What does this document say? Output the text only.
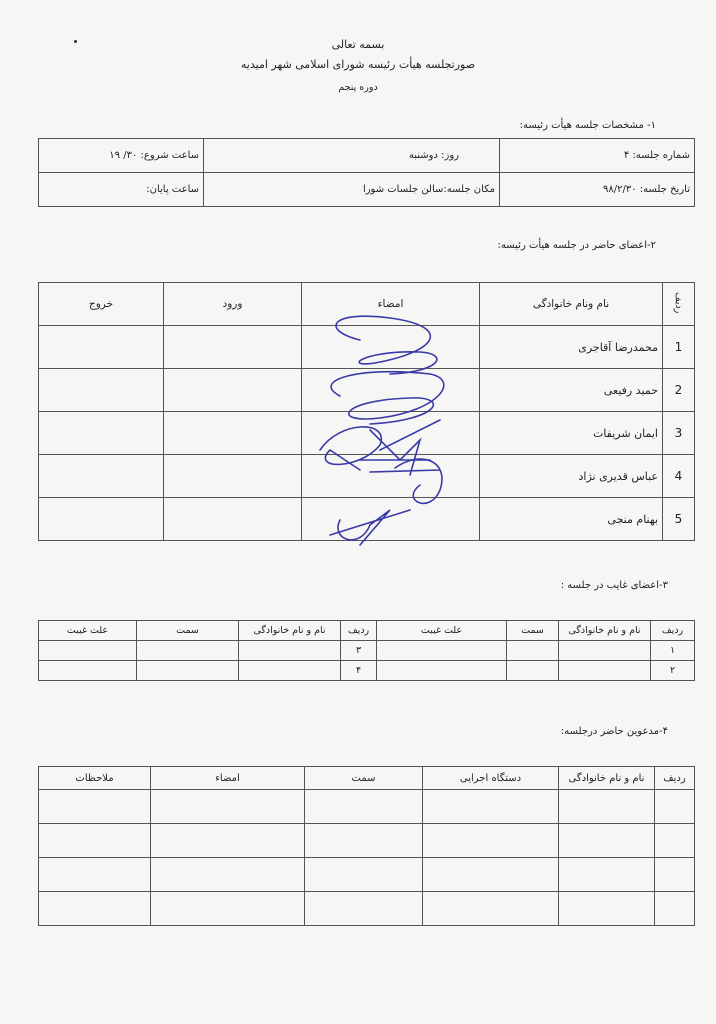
بسمه تعالی
صورتجلسه هیأت رئیسه شورای اسلامی شهر امیدیه
دوره پنجم
۱- مشخصات جلسه هیأت رئیسه:
شماره جلسه: ۴	روز: دوشنبه	ساعت شروع: ۳۰/ ۱۹
تاریخ جلسه: ۹۸/۲/۳۰	مکان جلسه:سالن جلسات شورا	ساعت پایان:
۲-اعضای حاضر در جلسه هیأت رئیسه:
ردیف	نام ونام خانوادگی	امضاء	ورود	خروج
1	محمدرضا آقاجری			
2	حمید رفیعی			
3	ایمان شریفات			
4	عباس قدیری نژاد			
5	بهنام منجی			
۳-اعضای غایب در جلسه :
ردیف	نام و نام خانوادگی	سمت	علت غیبت	ردیف	نام و نام خانوادگی	سمت	علت غیبت
١				٣			
٢				۴			
۴-مدعوین حاضر درجلسه:
ردیف	نام و نام خانوادگی	دستگاه اجرایی	سمت	امضاء	ملاحظات
